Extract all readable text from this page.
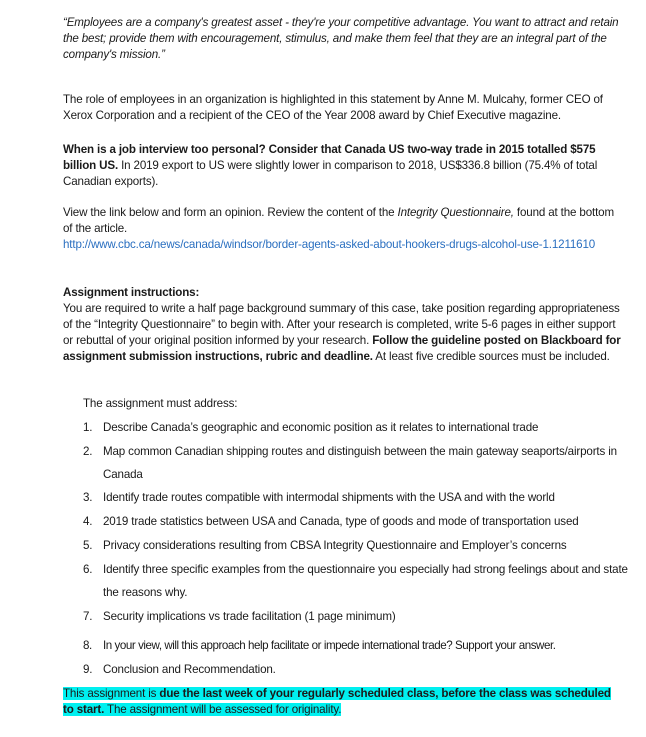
“Employees are a company's greatest asset - they're your competitive advantage. You want to attract and retain the best; provide them with encouragement, stimulus, and make them feel that they are an integral part of the company's mission.”

The role of employees in an organization is highlighted in this statement by Anne M. Mulcahy, former CEO of Xerox Corporation and a recipient of the CEO of the Year 2008 award by Chief Executive magazine.

When is a job interview too personal? Consider that Canada US two-way trade in 2015 totalled $575 billion US. In 2019 export to US were slightly lower in comparison to 2018, US$336.8 billion (75.4% of total Canadian exports).

View the link below and form an opinion. Review the content of the Integrity Questionnaire, found at the bottom of the article.
http://www.cbc.ca/news/canada/windsor/border-agents-asked-about-hookers-drugs-alcohol-use-1.1211610

Assignment instructions:
You are required to write a half page background summary of this case, take position regarding appropriateness of the “Integrity Questionnaire” to begin with. After your research is completed, write 5-6 pages in either support or rebuttal of your original position informed by your research. Follow the guideline posted on Blackboard for assignment submission instructions, rubric and deadline. At least five credible sources must be included.

The assignment must address:

1. Describe Canada’s geographic and economic position as it relates to international trade
2. Map common Canadian shipping routes and distinguish between the main gateway seaports/airports in Canada
3. Identify trade routes compatible with intermodal shipments with the USA and with the world
4. 2019 trade statistics between USA and Canada, type of goods and mode of transportation used
5. Privacy considerations resulting from CBSA Integrity Questionnaire and Employer’s concerns
6. Identify three specific examples from the questionnaire you especially had strong feelings about and state the reasons why.
7. Security implications vs trade facilitation (1 page minimum)
8. In your view, will this approach help facilitate or impede international trade? Support your answer.
9. Conclusion and Recommendation.

This assignment is due the last week of your regularly scheduled class, before the class was scheduled to start. The assignment will be assessed for originality.
